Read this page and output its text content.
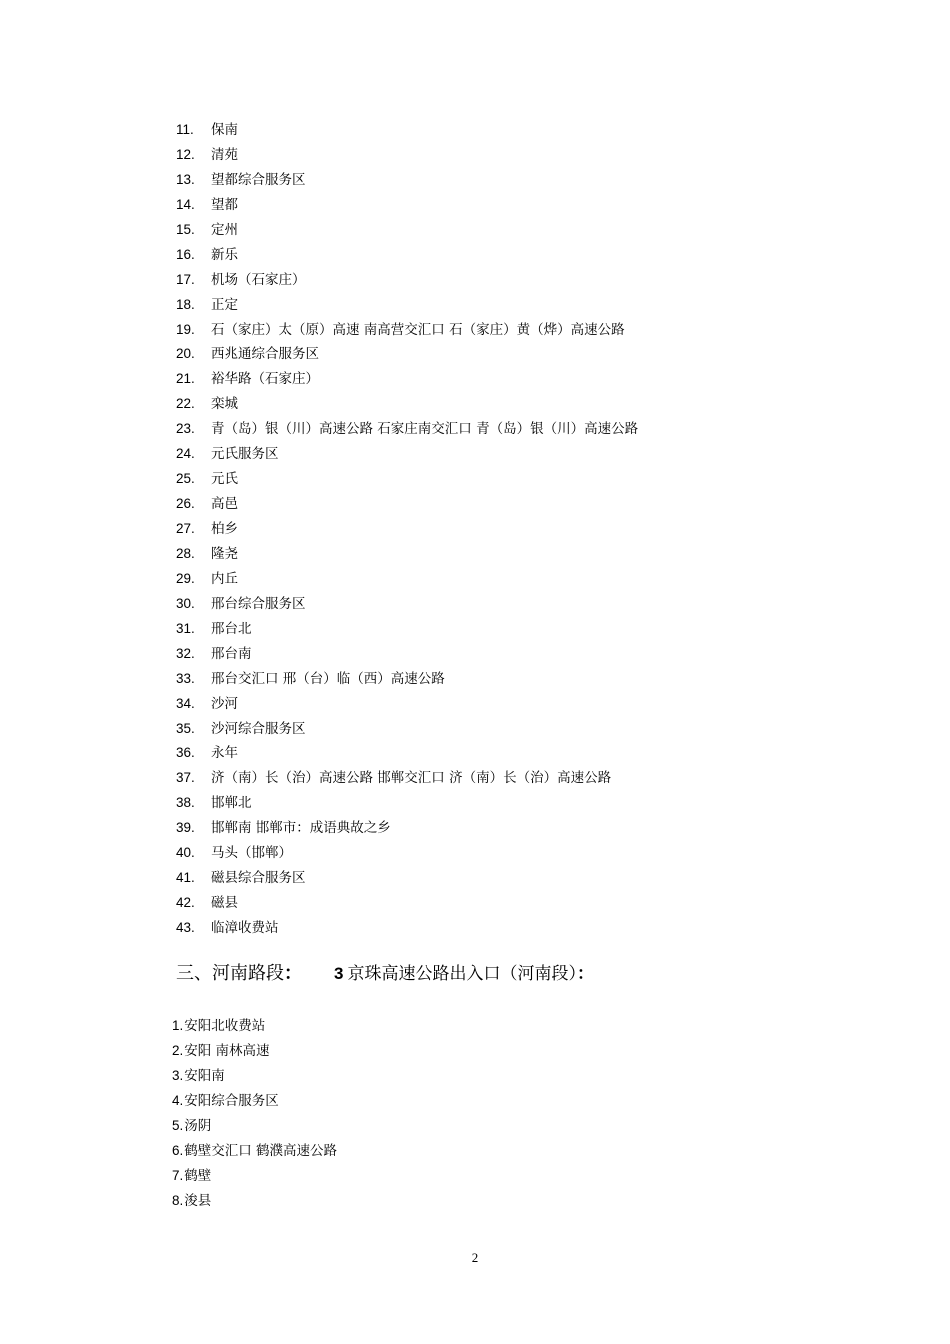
11. 保南
12. 清苑
13. 望都综合服务区
14. 望都
15. 定州
16. 新乐
17. 机场（石家庄）
18. 正定
19. 石（家庄）太（原）高速 南高营交汇口 石（家庄）黄（烨）高速公路
20. 西兆通综合服务区
21. 裕华路（石家庄）
22. 栾城
23. 青（岛）银（川）高速公路 石家庄南交汇口 青（岛）银（川）高速公路
24. 元氏服务区
25. 元氏
26. 高邑
27. 柏乡
28. 隆尧
29. 内丘
30. 邢台综合服务区
31. 邢台北
32. 邢台南
33. 邢台交汇口 邢（台）临（西）高速公路
34. 沙河
35. 沙河综合服务区
36. 永年
37. 济（南）长（治）高速公路 邯郸交汇口 济（南）长（治）高速公路
38. 邯郸北
39. 邯郸南 邯郸市：成语典故之乡
40. 马头（邯郸）
41. 磁县综合服务区
42. 磁县
43. 临漳收费站
三、河南路段： 3 京珠高速公路出入口（河南段）：
1.安阳北收费站
2.安阳 南林高速
3.安阳南
4.安阳综合服务区
5.汤阴
6.鹤壁交汇口 鹤濮高速公路
7.鹤壁
8.浚县
2
